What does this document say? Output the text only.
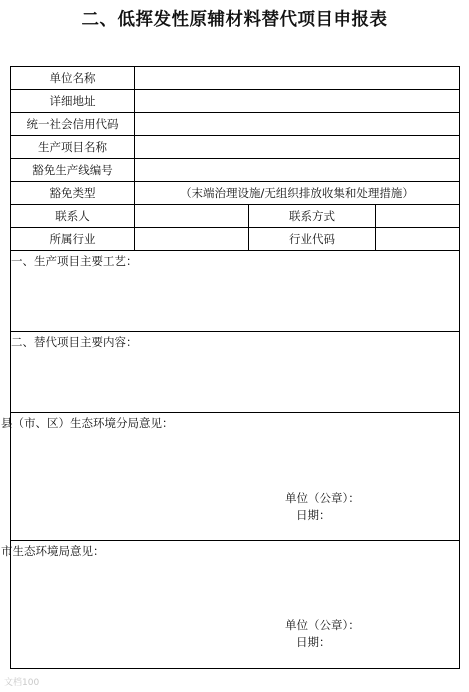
二、低挥发性原辅材料替代项目申报表
单位名称			
详细地址			
统一社会信用代码			
生产项目名称			
豁免生产线编号			
豁免类型	（末端治理设施/无组织排放收集和处理措施）		
联系人		联系方式	
所属行业		行业代码	

一、生产项目主要工艺：			

二、替代项目主要内容：			

县（市、区）生态环境分局意见：
单位（公章）：
日期：			

市生态环境局意见：
单位（公章）：
日期：			
文档100
